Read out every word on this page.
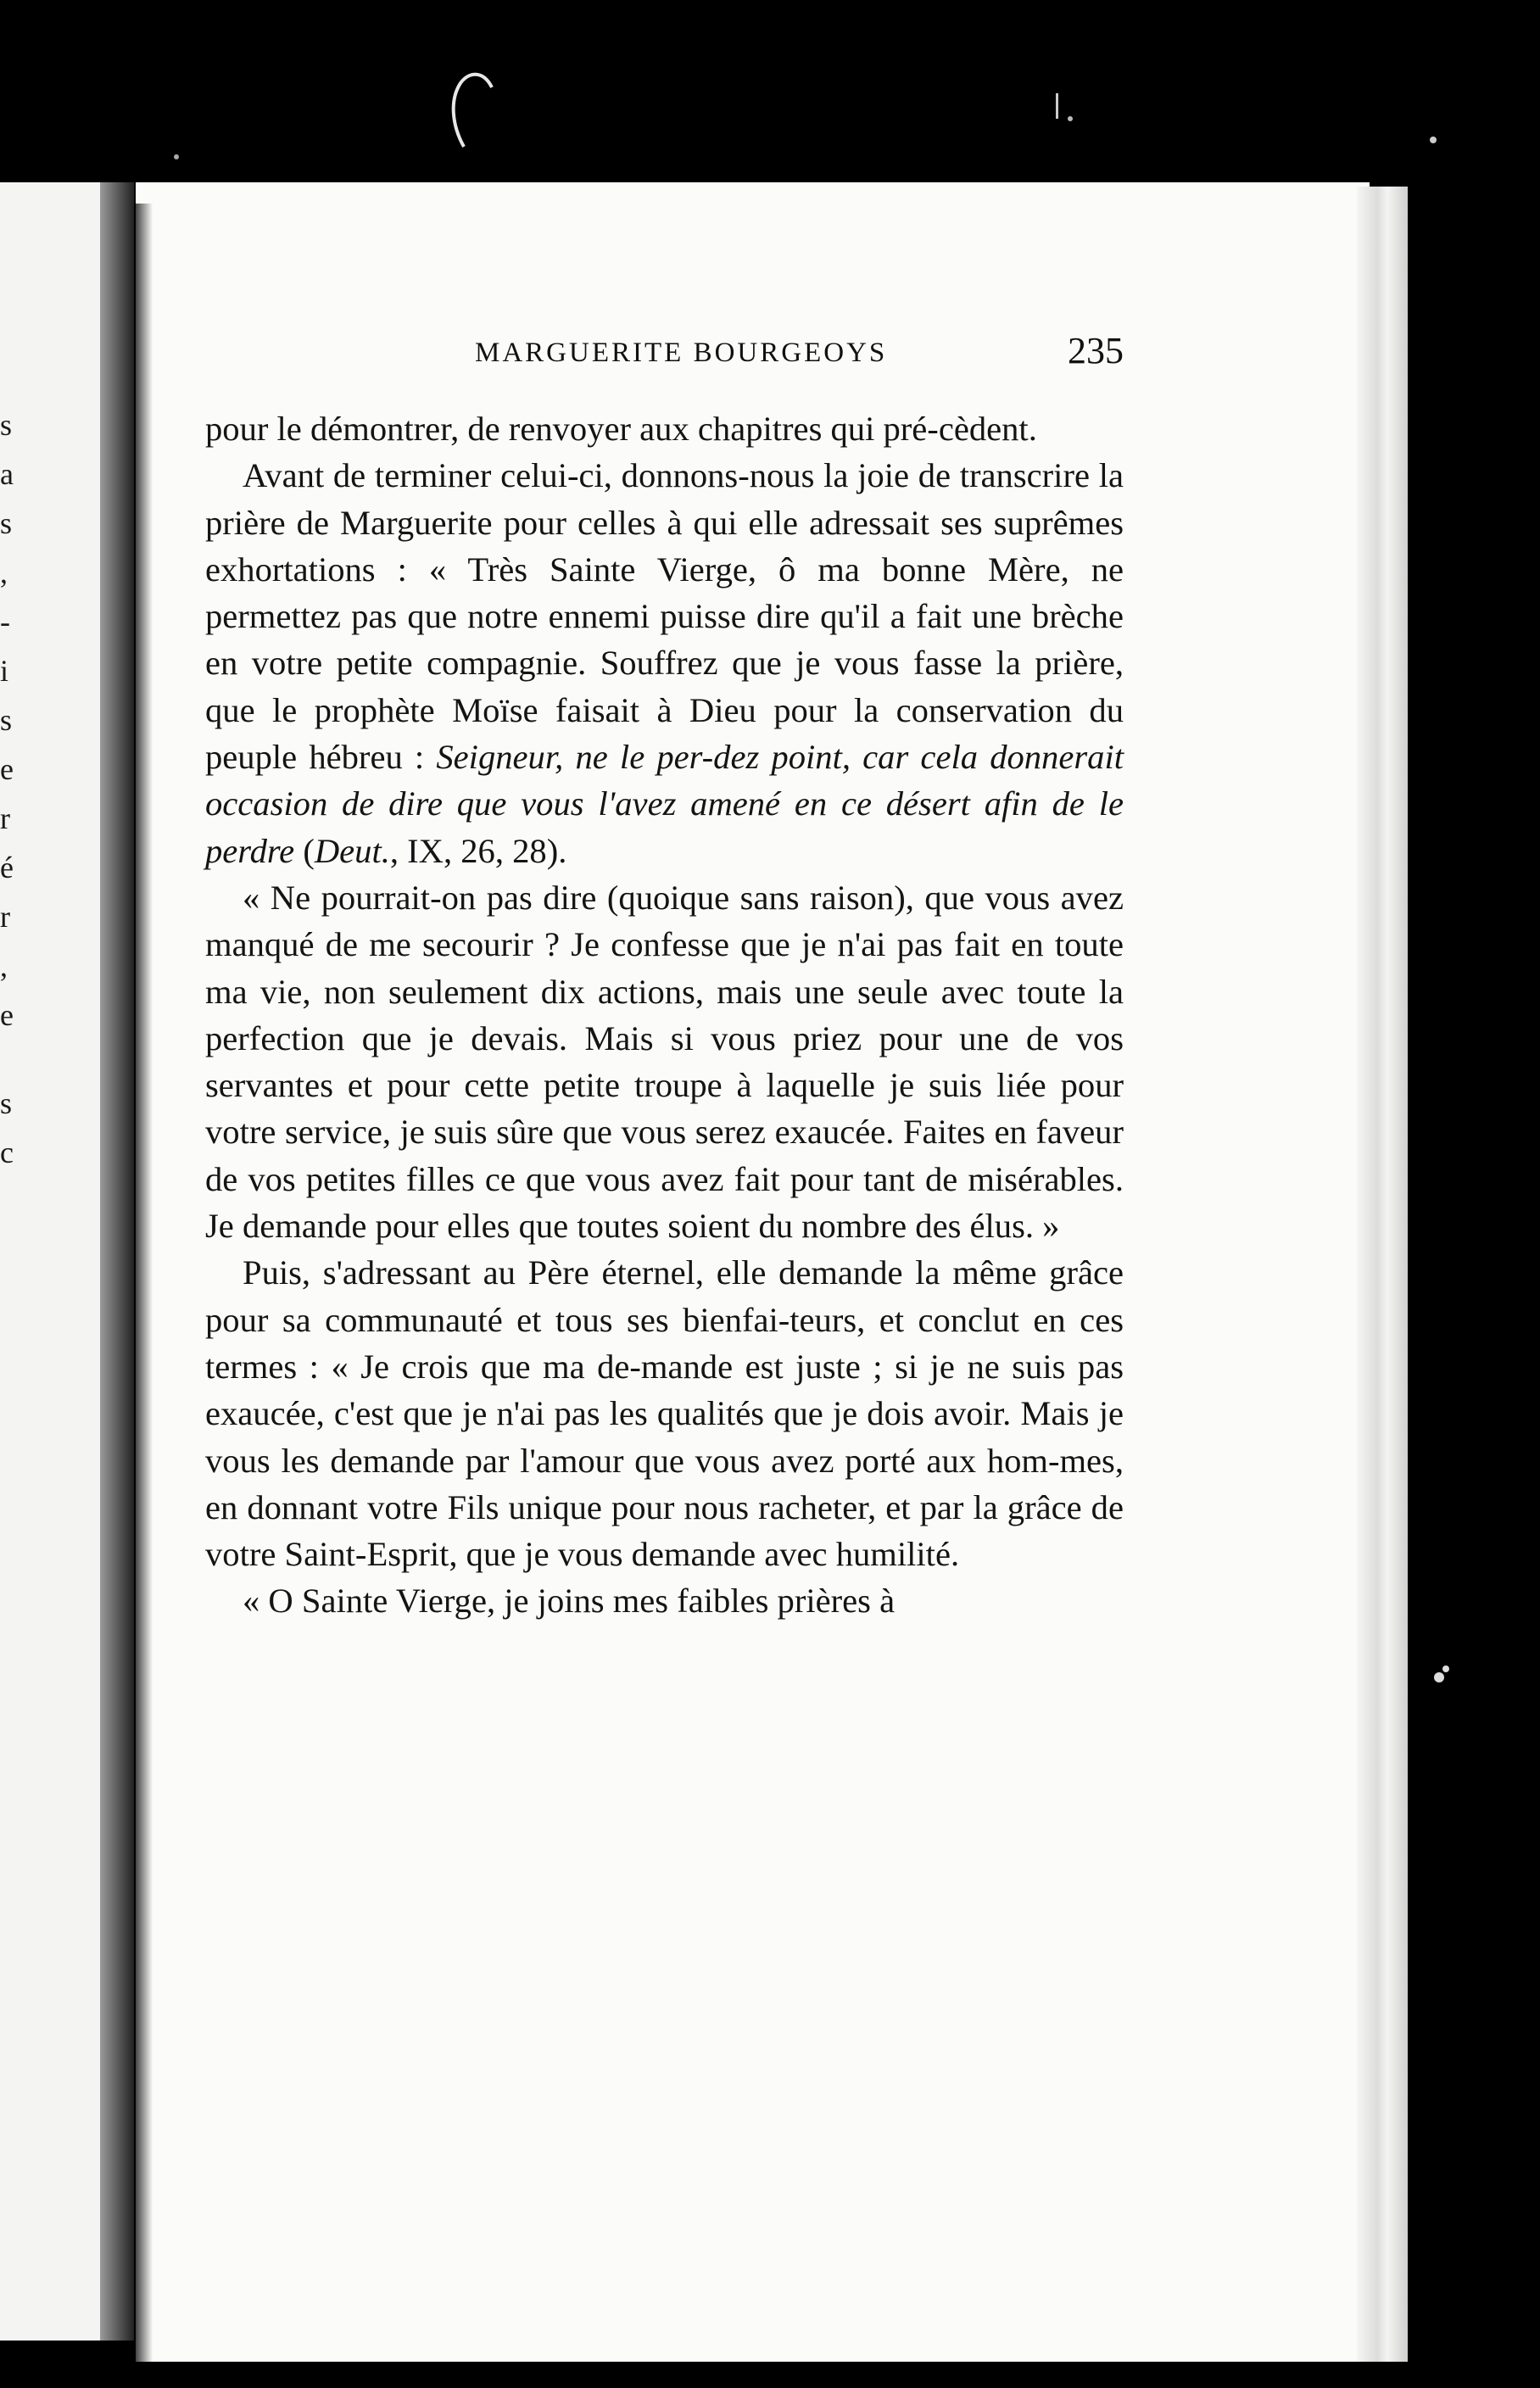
s
a
s
,
-
i
s
e
r
é
r
,
e
s
c
MARGUERITE BOURGEOYS	235

pour le démontrer, de renvoyer aux chapitres qui pré-cèdent.

Avant de terminer celui-ci, donnons-nous la joie de transcrire la prière de Marguerite pour celles à qui elle adressait ses suprêmes exhortations : « Très Sainte Vierge, ô ma bonne Mère, ne permettez pas que notre ennemi puisse dire qu'il a fait une brèche en votre petite compagnie. Souffrez que je vous fasse la prière, que le prophète Moïse faisait à Dieu pour la conservation du peuple hébreu : Seigneur, ne le per-dez point, car cela donnerait occasion de dire que vous l'avez amené en ce désert afin de le perdre (Deut., IX, 26, 28).

« Ne pourrait-on pas dire (quoique sans raison), que vous avez manqué de me secourir ? Je confesse que je n'ai pas fait en toute ma vie, non seulement dix actions, mais une seule avec toute la perfection que je devais. Mais si vous priez pour une de vos servantes et pour cette petite troupe à laquelle je suis liée pour votre service, je suis sûre que vous serez exaucée. Faites en faveur de vos petites filles ce que vous avez fait pour tant de misérables. Je demande pour elles que toutes soient du nombre des élus. »

Puis, s'adressant au Père éternel, elle demande la même grâce pour sa communauté et tous ses bienfai-teurs, et conclut en ces termes : « Je crois que ma de-mande est juste ; si je ne suis pas exaucée, c'est que je n'ai pas les qualités que je dois avoir. Mais je vous les demande par l'amour que vous avez porté aux hom-mes, en donnant votre Fils unique pour nous racheter, et par la grâce de votre Saint-Esprit, que je vous demande avec humilité.

« O Sainte Vierge, je joins mes faibles prières à
